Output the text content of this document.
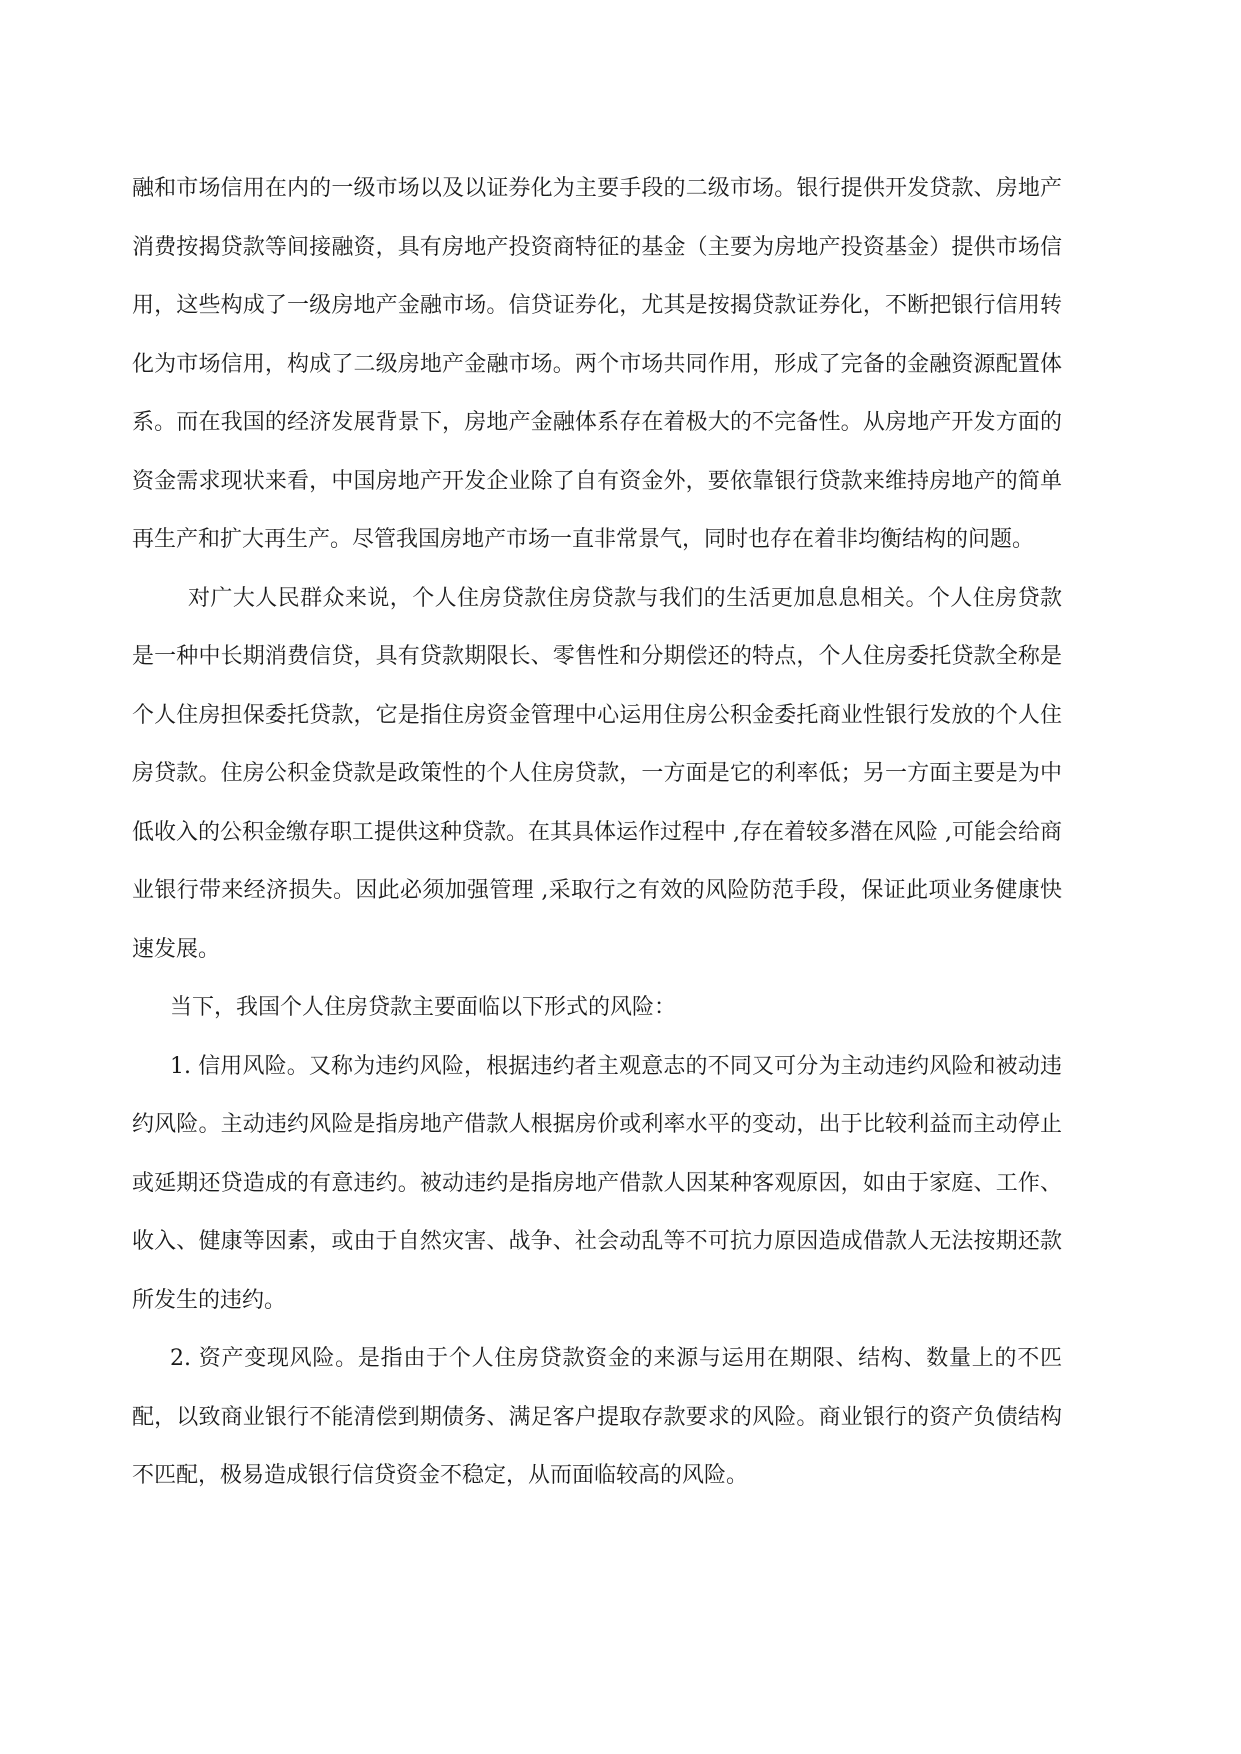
融和市场信用在内的一级市场以及以证券化为主要手段的二级市场。银行提供开发贷款、房地产消费按揭贷款等间接融资，具有房地产投资商特征的基金（主要为房地产投资基金）提供市场信用，这些构成了一级房地产金融市场。信贷证券化，尤其是按揭贷款证券化，不断把银行信用转化为市场信用，构成了二级房地产金融市场。两个市场共同作用，形成了完备的金融资源配置体系。而在我国的经济发展背景下，房地产金融体系存在着极大的不完备性。从房地产开发方面的资金需求现状来看，中国房地产开发企业除了自有资金外，要依靠银行贷款来维持房地产的简单再生产和扩大再生产。尽管我国房地产市场一直非常景气，同时也存在着非均衡结构的问题。

对广大人民群众来说，个人住房贷款住房贷款与我们的生活更加息息相关。个人住房贷款是一种中长期消费信贷，具有贷款期限长、零售性和分期偿还的特点，个人住房委托贷款全称是个人住房担保委托贷款，它是指住房资金管理中心运用住房公积金委托商业性银行发放的个人住房贷款。住房公积金贷款是政策性的个人住房贷款，一方面是它的利率低；另一方面主要是为中低收入的公积金缴存职工提供这种贷款。在其具体运作过程中 ,存在着较多潜在风险 ,可能会给商业银行带来经济损失。因此必须加强管理 ,采取行之有效的风险防范手段，保证此项业务健康快速发展。

当下，我国个人住房贷款主要面临以下形式的风险：

1. 信用风险。又称为违约风险，根据违约者主观意志的不同又可分为主动违约风险和被动违约风险。主动违约风险是指房地产借款人根据房价或利率水平的变动，出于比较利益而主动停止或延期还贷造成的有意违约。被动违约是指房地产借款人因某种客观原因，如由于家庭、工作、收入、健康等因素，或由于自然灾害、战争、社会动乱等不可抗力原因造成借款人无法按期还款所发生的违约。

2. 资产变现风险。是指由于个人住房贷款资金的来源与运用在期限、结构、数量上的不匹配，以致商业银行不能清偿到期债务、满足客户提取存款要求的风险。商业银行的资产负债结构不匹配，极易造成银行信贷资金不稳定，从而面临较高的风险。
